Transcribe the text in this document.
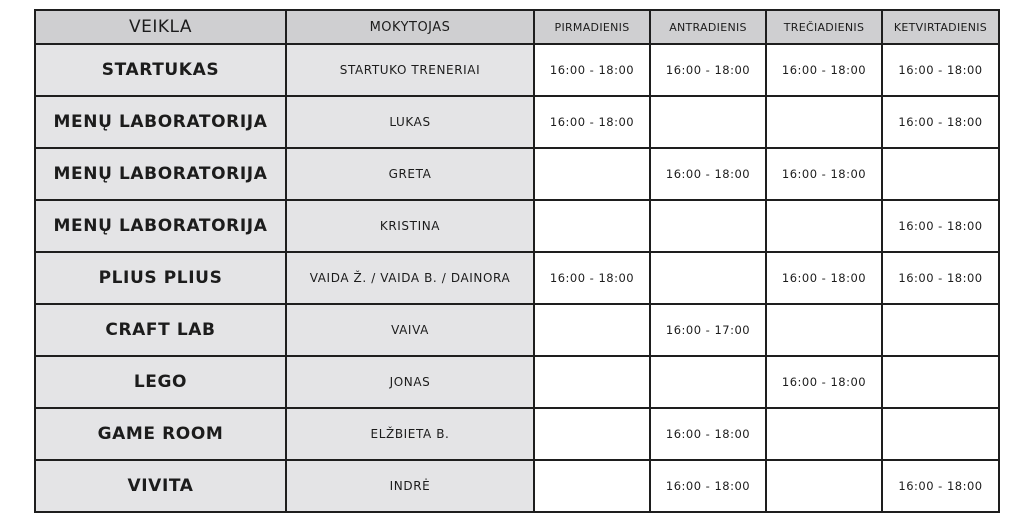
VEIKLA	MOKYTOJAS	PIRMADIENIS	ANTRADIENIS	TREČIADIENIS	KETVIRTADIENIS
STARTUKAS	STARTUKO TRENERIAI	16:00 - 18:00	16:00 - 18:00	16:00 - 18:00	16:00 - 18:00
MENŲ LABORATORIJA	LUKAS	16:00 - 18:00			16:00 - 18:00
MENŲ LABORATORIJA	GRETA		16:00 - 18:00	16:00 - 18:00	
MENŲ LABORATORIJA	KRISTINA				16:00 - 18:00
PLIUS PLIUS	VAIDA Ž. / VAIDA B. / DAINORA	16:00 - 18:00		16:00 - 18:00	16:00 - 18:00
CRAFT LAB	VAIVA		16:00 - 17:00		
LEGO	JONAS			16:00 - 18:00	
GAME ROOM	ELŽBIETA B.		16:00 - 18:00		
VIVITA	INDRĖ		16:00 - 18:00		16:00 - 18:00
